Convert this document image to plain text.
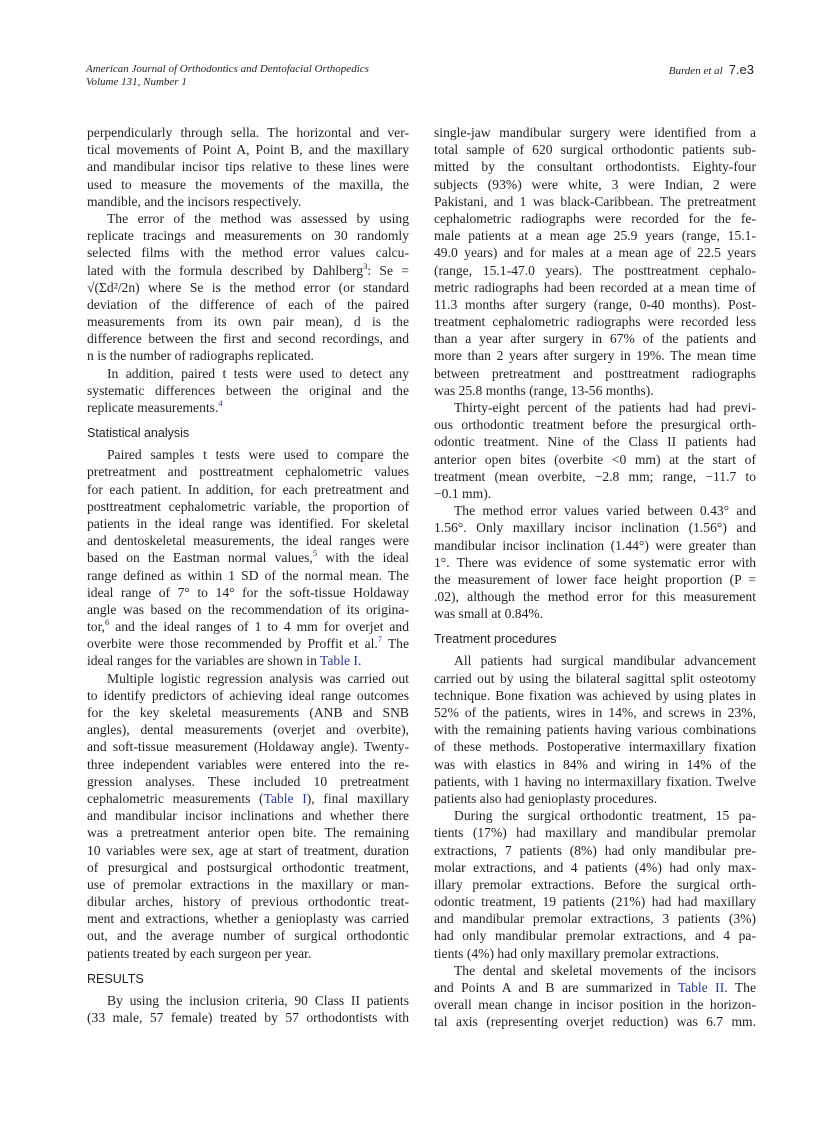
American Journal of Orthodontics and Dentofacial Orthopedics
Volume 131, Number 1
Burden et al 7.e3
perpendicularly through sella. The horizontal and ver-
tical movements of Point A, Point B, and the maxillary
and mandibular incisor tips relative to these lines were
used to measure the movements of the maxilla, the
mandible, and the incisors respectively.
The error of the method was assessed by using
replicate tracings and measurements on 30 randomly
selected films with the method error values calcu-
lated with the formula described by Dahlberg$^3$: Se =
√(Σd²/2n) where Se is the method error (or standard
deviation of the difference of each of the paired
measurements from its own pair mean), d is the
difference between the first and second recordings, and
n is the number of radiographs replicated.
In addition, paired t tests were used to detect any
systematic differences between the original and the
replicate measurements.$^4$
Statistical analysis
Paired samples t tests were used to compare the
pretreatment and posttreatment cephalometric values
for each patient. In addition, for each pretreatment and
posttreatment cephalometric variable, the proportion of
patients in the ideal range was identified. For skeletal
and dentoskeletal measurements, the ideal ranges were
based on the Eastman normal values,$^5$ with the ideal
range defined as within 1 SD of the normal mean. The
ideal range of 7° to 14° for the soft-tissue Holdaway
angle was based on the recommendation of its origina-
tor,$^6$ and the ideal ranges of 1 to 4 mm for overjet and
overbite were those recommended by Proffit et al.$^7$ The
ideal ranges for the variables are shown in Table I.
Multiple logistic regression analysis was carried out
to identify predictors of achieving ideal range outcomes
for the key skeletal measurements (ANB and SNB
angles), dental measurements (overjet and overbite),
and soft-tissue measurement (Holdaway angle). Twenty-
three independent variables were entered into the re-
gression analyses. These included 10 pretreatment
cephalometric measurements (Table I), final maxillary
and mandibular incisor inclinations and whether there
was a pretreatment anterior open bite. The remaining
10 variables were sex, age at start of treatment, duration
of presurgical and postsurgical orthodontic treatment,
use of premolar extractions in the maxillary or man-
dibular arches, history of previous orthodontic treat-
ment and extractions, whether a genioplasty was carried
out, and the average number of surgical orthodontic
patients treated by each surgeon per year.
RESULTS
By using the inclusion criteria, 90 Class II patients
(33 male, 57 female) treated by 57 orthodontists with
single-jaw mandibular surgery were identified from a
total sample of 620 surgical orthodontic patients sub-
mitted by the consultant orthodontists. Eighty-four
subjects (93%) were white, 3 were Indian, 2 were
Pakistani, and 1 was black-Caribbean. The pretreatment
cephalometric radiographs were recorded for the fe-
male patients at a mean age 25.9 years (range, 15.1-
49.0 years) and for males at a mean age of 22.5 years
(range, 15.1-47.0 years). The posttreatment cephalo-
metric radiographs had been recorded at a mean time of
11.3 months after surgery (range, 0-40 months). Post-
treatment cephalometric radiographs were recorded less
than a year after surgery in 67% of the patients and
more than 2 years after surgery in 19%. The mean time
between pretreatment and posttreatment radiographs
was 25.8 months (range, 13-56 months).
Thirty-eight percent of the patients had had previ-
ous orthodontic treatment before the presurgical orth-
odontic treatment. Nine of the Class II patients had
anterior open bites (overbite <0 mm) at the start of
treatment (mean overbite, −2.8 mm; range, −11.7 to
−0.1 mm).
The method error values varied between 0.43° and
1.56°. Only maxillary incisor inclination (1.56°) and
mandibular incisor inclination (1.44°) were greater than
1°. There was evidence of some systematic error with
the measurement of lower face height proportion (P =
.02), although the method error for this measurement
was small at 0.84%.
Treatment procedures
All patients had surgical mandibular advancement
carried out by using the bilateral sagittal split osteotomy
technique. Bone fixation was achieved by using plates in
52% of the patients, wires in 14%, and screws in 23%,
with the remaining patients having various combinations
of these methods. Postoperative intermaxillary fixation
was with elastics in 84% and wiring in 14% of the
patients, with 1 having no intermaxillary fixation. Twelve
patients also had genioplasty procedures.
During the surgical orthodontic treatment, 15 pa-
tients (17%) had maxillary and mandibular premolar
extractions, 7 patients (8%) had only mandibular pre-
molar extractions, and 4 patients (4%) had only max-
illary premolar extractions. Before the surgical orth-
odontic treatment, 19 patients (21%) had had maxillary
and mandibular premolar extractions, 3 patients (3%)
had only mandibular premolar extractions, and 4 pa-
tients (4%) had only maxillary premolar extractions.
The dental and skeletal movements of the incisors
and Points A and B are summarized in Table II. The
overall mean change in incisor position in the horizon-
tal axis (representing overjet reduction) was 6.7 mm.
